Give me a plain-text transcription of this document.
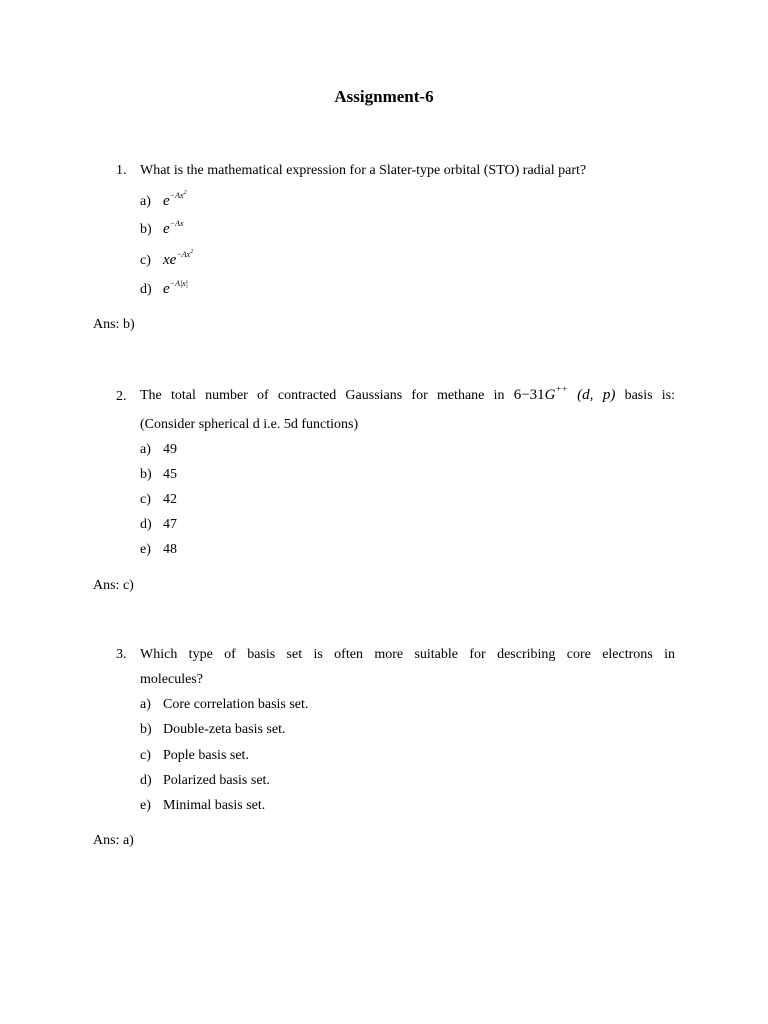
Assignment-6
1. What is the mathematical expression for a Slater-type orbital (STO) radial part?
a) $e^{-Ax^2}$
b) $e^{-Ax}$
c) $xe^{-Ax^2}$
d) $e^{-A|x|}$
Ans: b)
2. The total number of contracted Gaussians for methane in 6−31G++ (d, p) basis is:
(Consider spherical d i.e. 5d functions)
a) 49
b) 45
c) 42
d) 47
e) 48
Ans: c)
3. Which type of basis set is often more suitable for describing core electrons in
molecules?
a) Core correlation basis set.
b) Double-zeta basis set.
c) Pople basis set.
d) Polarized basis set.
e) Minimal basis set.
Ans: a)
